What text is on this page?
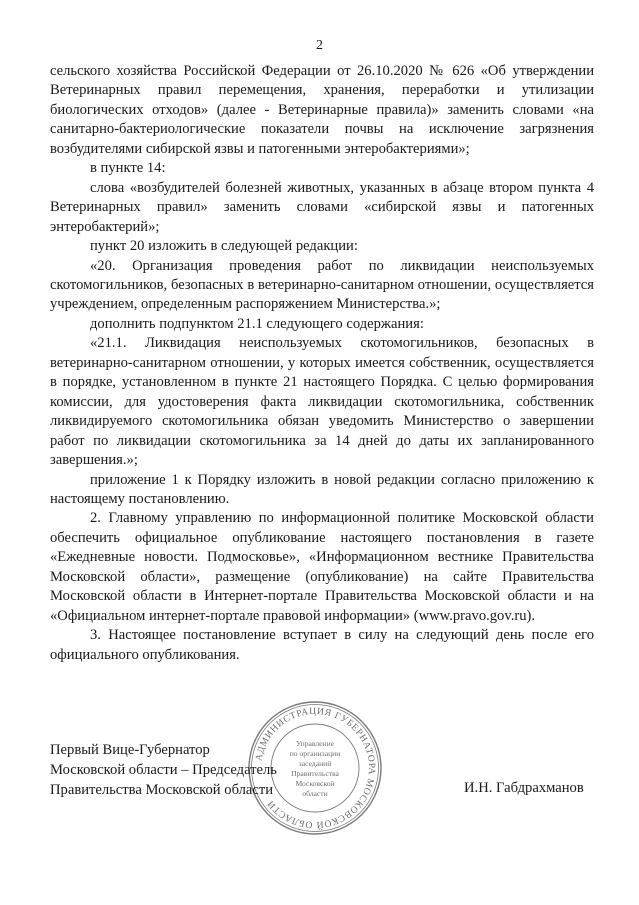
2

сельского хозяйства Российской Федерации от 26.10.2020 № 626 «Об утверждении Ветеринарных правил перемещения, хранения, переработки и утилизации биологических отходов» (далее - Ветеринарные правила)» заменить словами «на санитарно-бактериологические показатели почвы на исключение загрязнения возбудителями сибирской язвы и патогенными энтеробактериями»;

в пункте 14:

слова «возбудителей болезней животных, указанных в абзаце втором пункта 4 Ветеринарных правил» заменить словами «сибирской язвы и патогенных энтеробактерий»;

пункт 20 изложить в следующей редакции:

«20. Организация проведения работ по ликвидации неиспользуемых скотомогильников, безопасных в ветеринарно-санитарном отношении, осуществляется учреждением, определенным распоряжением Министерства.»;

дополнить подпунктом 21.1 следующего содержания:

«21.1. Ликвидация неиспользуемых скотомогильников, безопасных в ветеринарно-санитарном отношении, у которых имеется собственник, осуществляется в порядке, установленном в пункте 21 настоящего Порядка. С целью формирования комиссии, для удостоверения факта ликвидации скотомогильника, собственник ликвидируемого скотомогильника обязан уведомить Министерство о завершении работ по ликвидации скотомогильника за 14 дней до даты их запланированного завершения.»;

приложение 1 к Порядку изложить в новой редакции согласно приложению к настоящему постановлению.

2. Главному управлению по информационной политике Московской области обеспечить официальное опубликование настоящего постановления в газете «Ежедневные новости. Подмосковье», «Информационном вестнике Правительства Московской области», размещение (опубликование) на сайте Правительства Московской области в Интернет-портале Правительства Московской области и на «Официальном интернет-портале правовой информации» (www.pravo.gov.ru).

3. Настоящее постановление вступает в силу на следующий день после его официального опубликования.

АДМИНИСТРАЦИЯ ГУБЕРНАТОРА МОСКОВСКОЙ ОБЛАСТИ
Управление
по организации
заседаний
Правительства
Московской
области
Первый Вице-Губернатор
Московской области – Председатель
Правительства Московской области	И.Н. Габдрахманов
